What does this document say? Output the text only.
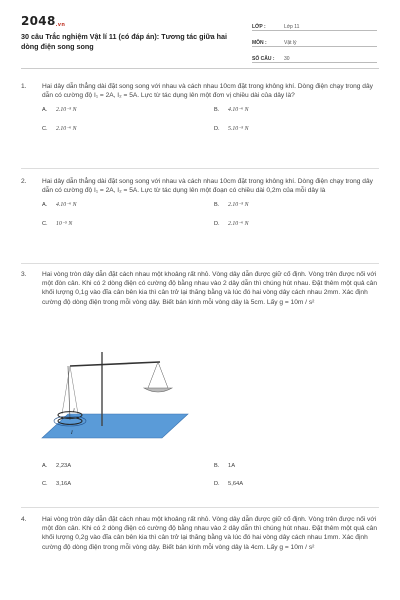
2048.vn
30 câu Trắc nghiệm Vật lí 11 (có đáp án): Tương tác giữa hai dòng điện song song
LỚP :	Lớp 11
MÔN :	Vật lý
SỐ CÂU :	30
1.	Hai dây dẫn thẳng dài đặt song song với nhau và cách nhau 10cm đặt trong không khí. Dòng điện chạy trong dây dẫn có cường độ I₁ = 2A, I₂ = 5A. Lực từ tác dụng lên một đơn vị chiều dài của dây là?
A. 2.10⁻⁵ N	B. 4.10⁻⁶ N
C. 2.10⁻⁶ N	D. 5.10⁻⁵ N
2.	Hai dây dẫn thẳng dài đặt song song với nhau và cách nhau 10cm đặt trong không khí. Dòng điện chạy trong dây dẫn có cường độ I₁ = 2A, I₂ = 5A. Lực từ tác dụng lên một đoạn có chiều dài 0,2m của mỗi dây là
A. 4.10⁻⁶ N	B. 2.10⁻⁵ N
C. 10⁻⁵ N	D. 2.10⁻⁶ N
3.	Hai vòng tròn dây dẫn đặt cách nhau một khoảng rất nhỏ. Vòng dây dẫn được giữ cố định. Vòng trên được nối với một đòn cân. Khi có 2 dòng điện có cường độ bằng nhau vào 2 dây dẫn thì chúng hút nhau. Đặt thêm một quả cân khối lượng 0,1g vào đĩa cân bên kia thì cân trở lại thăng bằng và lúc đó hai vòng dây cách nhau 2mm. Xác định cường độ dòng điện trong mỗi vòng dây. Biết bán kính mỗi vòng dây là 5cm. Lấy g = 10m / s²
I
I
A. 2,23A	B. 1A
C. 3,16A	D. 5,64A
4.	Hai vòng tròn dây dẫn đặt cách nhau một khoảng rất nhỏ. Vòng dây dẫn được giữ cố định. Vòng trên được nối với một đòn cân. Khi có 2 dòng điện có cường độ bằng nhau vào 2 dây dẫn thì chúng hút nhau. Đặt thêm một quả cân khối lượng 0,2g vào đĩa cân bên kia thì cân trở lại thăng bằng và lúc đó hai vòng dây cách nhau 1mm. Xác định cường độ dòng điện trong mỗi vòng dây. Biết bán kính mỗi vòng dây là 4cm. Lấy g = 10m / s²
